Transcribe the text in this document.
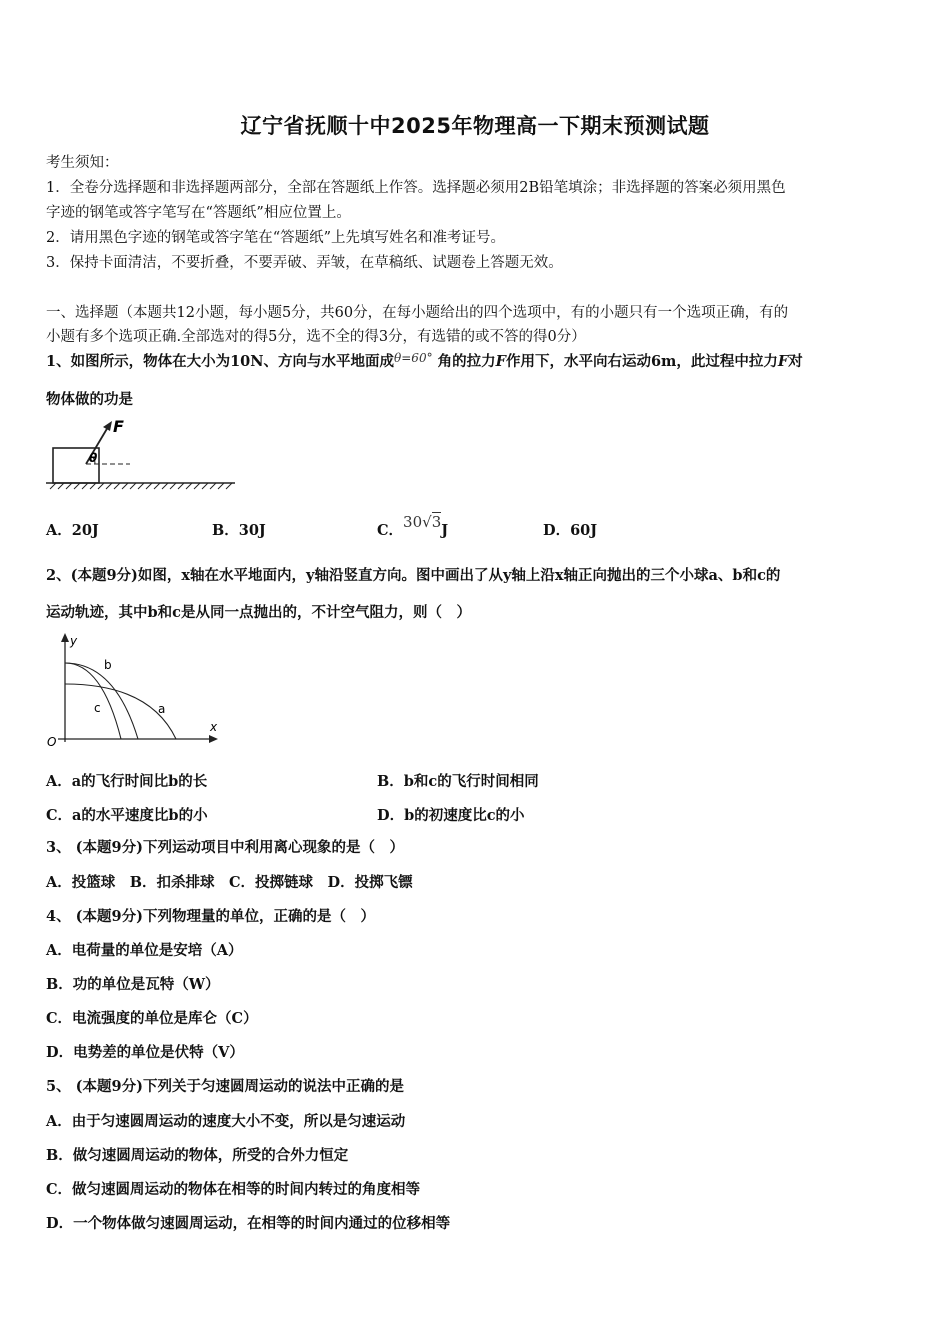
辽宁省抚顺十中2025年物理高一下期末预测试题
考生须知：
1．全卷分选择题和非选择题两部分，全部在答题纸上作答。选择题必须用2B铅笔填涂；非选择题的答案必须用黑色
字迹的钢笔或答字笔写在“答题纸”相应位置上。
2．请用黑色字迹的钢笔或答字笔在“答题纸”上先填写姓名和准考证号。
3．保持卡面清洁，不要折叠，不要弄破、弄皱，在草稿纸、试题卷上答题无效。
一、选择题（本题共12小题，每小题5分，共60分，在每小题给出的四个选项中，有的小题只有一个选项正确，有的
小题有多个选项正确.全部选对的得5分，选不全的得3分，有选错的或不答的得0分）
1、如图所示，物体在大小为10N、方向与水平地面成$^{\theta=60^\circ}$ 角的拉力F作用下，水平向右运动6m，此过程中拉力F对
物体做的功是
F
θ
A．20J	B．30J	C．30√3J	D．60J
2、(本题9分)如图，x轴在水平地面内，y轴沿竖直方向。图中画出了从y轴上沿x轴正向抛出的三个小球a、b和c的
运动轨迹，其中b和c是从同一点抛出的，不计空气阻力，则（　）
y
x
O
a
b
c
A．a的飞行时间比b的长	B．b和c的飞行时间相同
C．a的水平速度比b的小	D．b的初速度比c的小
3、 (本题9分)下列运动项目中利用离心现象的是（　）
A．投篮球　B．扣杀排球　C．投掷链球　D．投掷飞镖
4、 (本题9分)下列物理量的单位，正确的是（　）
A．电荷量的单位是安培（A）
B．功的单位是瓦特（W）
C．电流强度的单位是库仑（C）
D．电势差的单位是伏特（V）
5、 (本题9分)下列关于匀速圆周运动的说法中正确的是
A．由于匀速圆周运动的速度大小不变，所以是匀速运动
B．做匀速圆周运动的物体，所受的合外力恒定
C．做匀速圆周运动的物体在相等的时间内转过的角度相等
D．一个物体做匀速圆周运动，在相等的时间内通过的位移相等
